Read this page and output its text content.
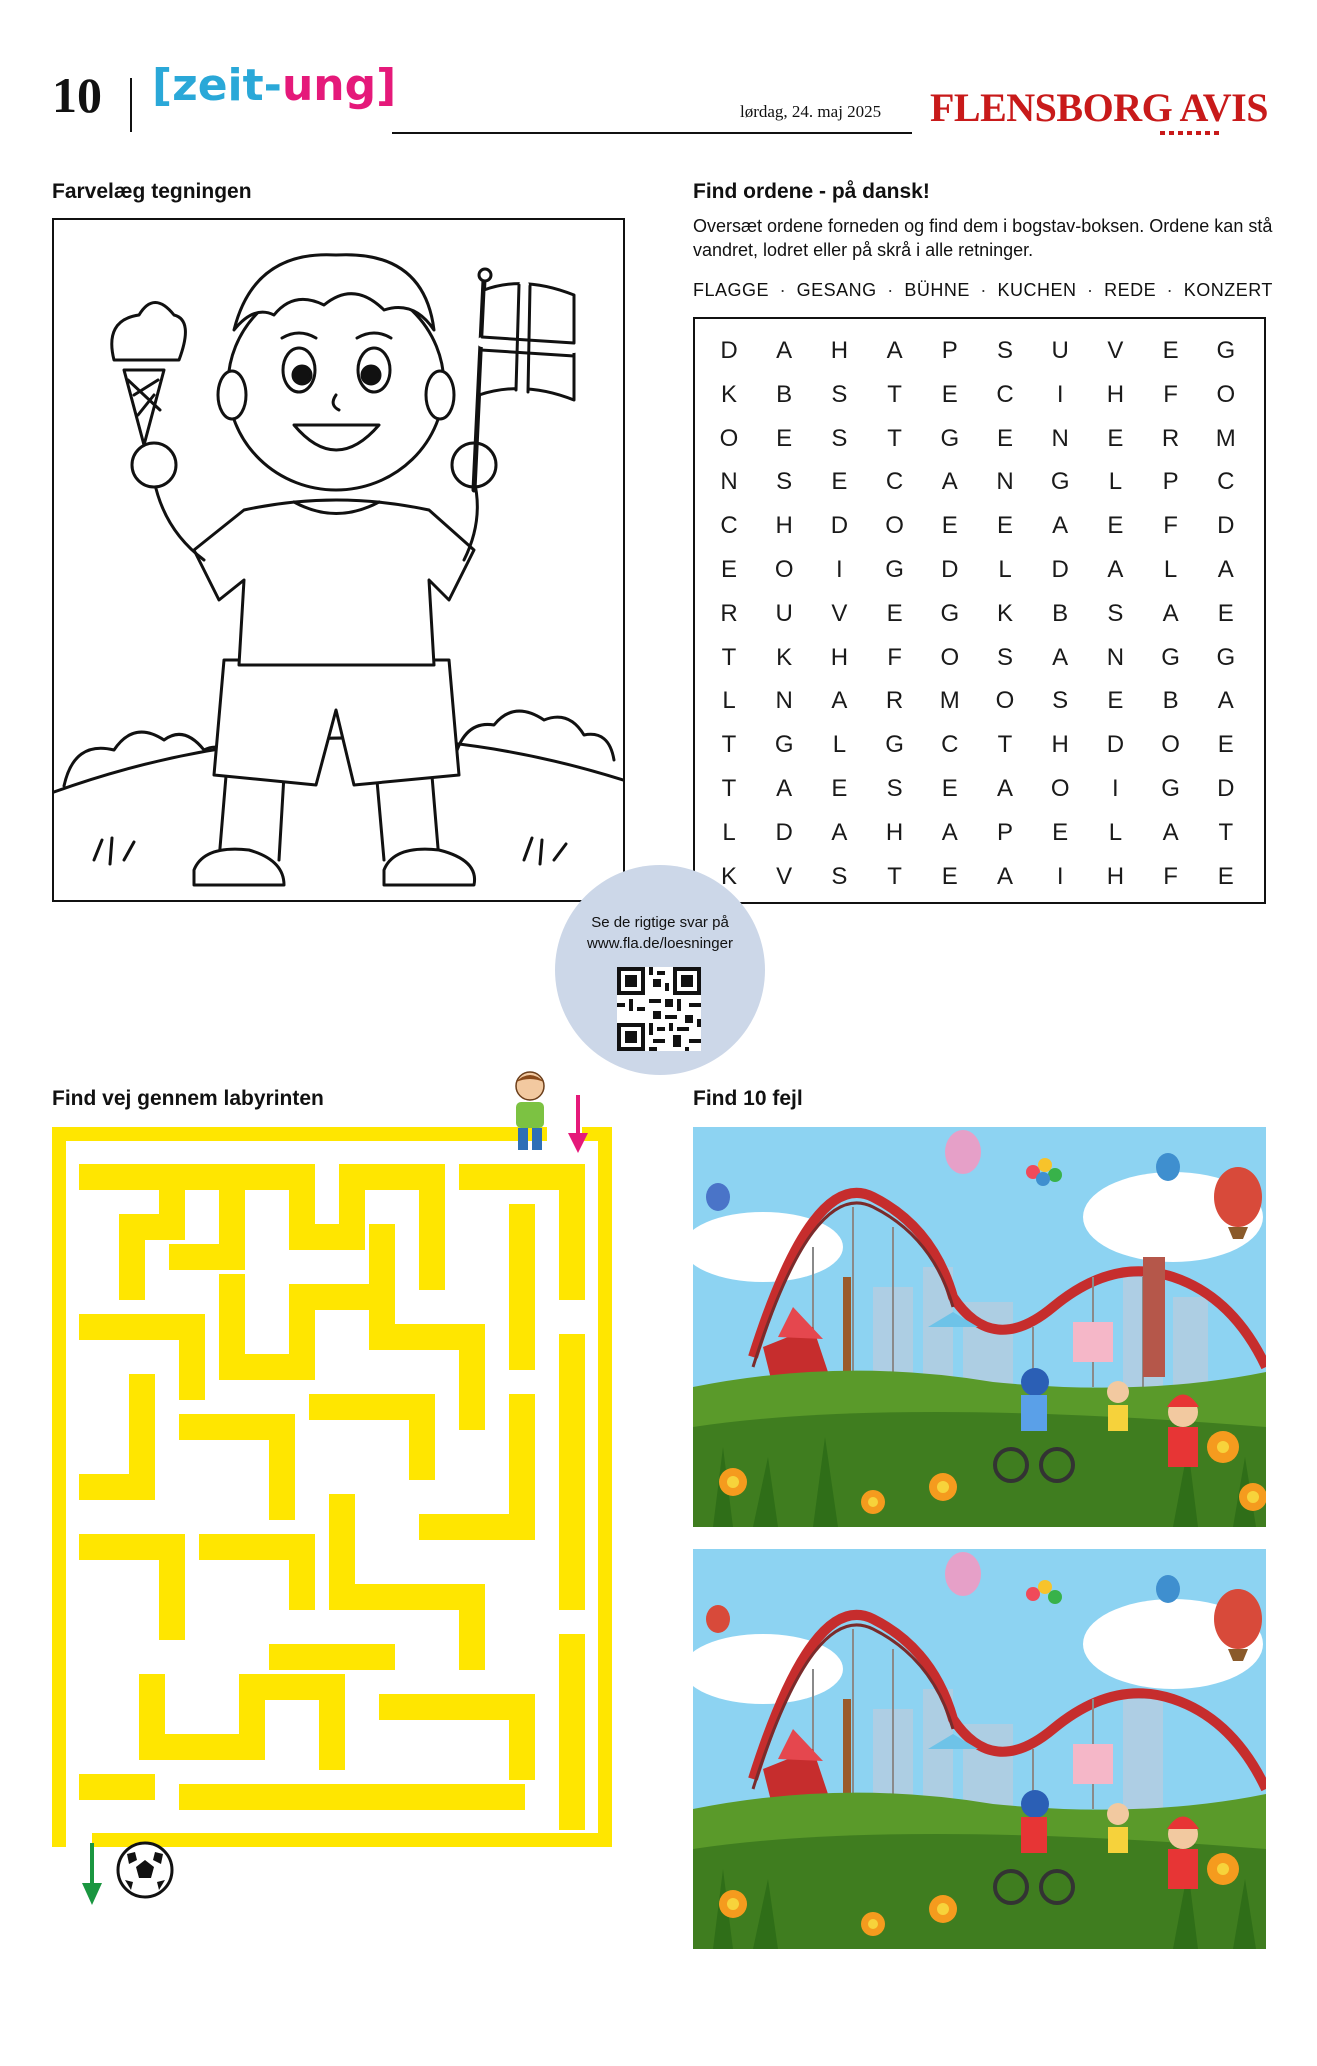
10 [zeit-ung]
lørdag, 24. maj 2025 FLENSBORG AVIS
Farvelæg tegningen	Find ordene - på dansk!
Oversæt ordene forneden og find dem i bogstav-boksen. Ordene kan stå vandret, lodret eller på skrå i alle retninger.
FLAGGE · GESANG · BÜHNE · KUCHEN · REDE · KONZERT
D	A	H	A	P	S	U	V	E	G
K	B	S	T	E	C	I	H	F	O
O	E	S	T	G	E	N	E	R	M
N	S	E	C	A	N	G	L	P	C
C	H	D	O	E	E	A	E	F	D
E	O	I	G	D	L	D	A	L	A
R	U	V	E	G	K	B	S	A	E
T	K	H	F	O	S	A	N	G	G
L	N	A	R	M	O	S	E	B	A
T	G	L	G	C	T	H	D	O	E
T	A	E	S	E	A	O	I	G	D
L	D	A	H	A	P	E	L	A	T
K	V	S	T	E	A	I	H	F	E
Se de rigtige svar på
www.fla.de/loesninger
Find vej gennem labyrinten	Find 10 fejl
